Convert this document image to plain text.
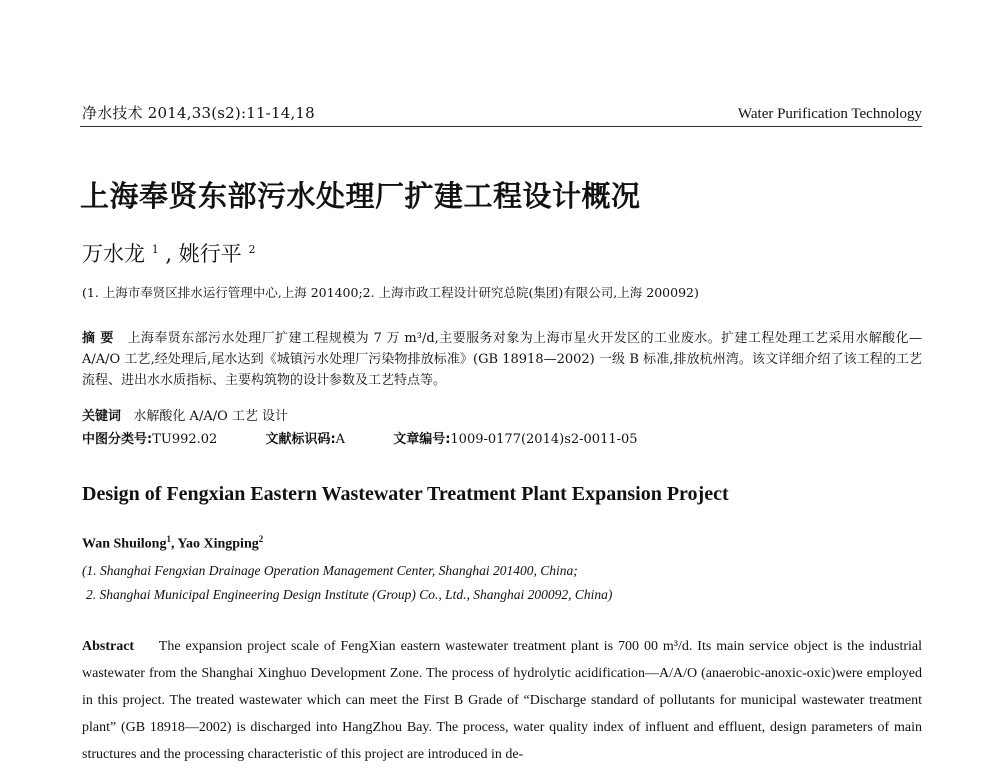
净水技术 2014,33(s2):11-14,18	Water Purification Technology
上海奉贤东部污水处理厂扩建工程设计概况
万水龙 $^1$ , 姚行平 $^2$
(1. 上海市奉贤区排水运行管理中心,上海 201400;2. 上海市政工程设计研究总院(集团)有限公司,上海 200092)
摘 要 上海奉贤东部污水处理厂扩建工程规模为 7 万 m³/d,主要服务对象为上海市星火开发区的工业废水。扩建工程处理工艺采用水解酸化—A/A/O 工艺,经处理后,尾水达到《城镇污水处理厂污染物排放标准》(GB 18918—2002) 一级 B 标准,排放杭州湾。该文详细介绍了该工程的工艺流程、进出水水质指标、主要构筑物的设计参数及工艺特点等。
关键词 水解酸化 A/A/O 工艺 设计
中图分类号:TU992.02	文献标识码:A	文章编号:1009-0177(2014)s2-0011-05
Design of Fengxian Eastern Wastewater Treatment Plant Expansion Project
Wan Shuilong$^1$, Yao Xingping$^2$
(1. Shanghai Fengxian Drainage Operation Management Center, Shanghai 201400, China;
2. Shanghai Municipal Engineering Design Institute (Group) Co., Ltd., Shanghai 200092, China)
Abstract The expansion project scale of FengXian eastern wastewater treatment plant is 700 00 m³/d. Its main service object is the industrial wastewater from the Shanghai Xinghuo Development Zone. The process of hydrolytic acidification—A/A/O (anaerobic-anoxic-oxic)were employed in this project. The treated wastewater which can meet the First B Grade of “Discharge standard of pollutants for municipal wastewater treatment plant” (GB 18918—2002) is discharged into HangZhou Bay. The process, water quality index of influent and effluent, design parameters of main structures and the processing characteristic of this project are introduced in de-
